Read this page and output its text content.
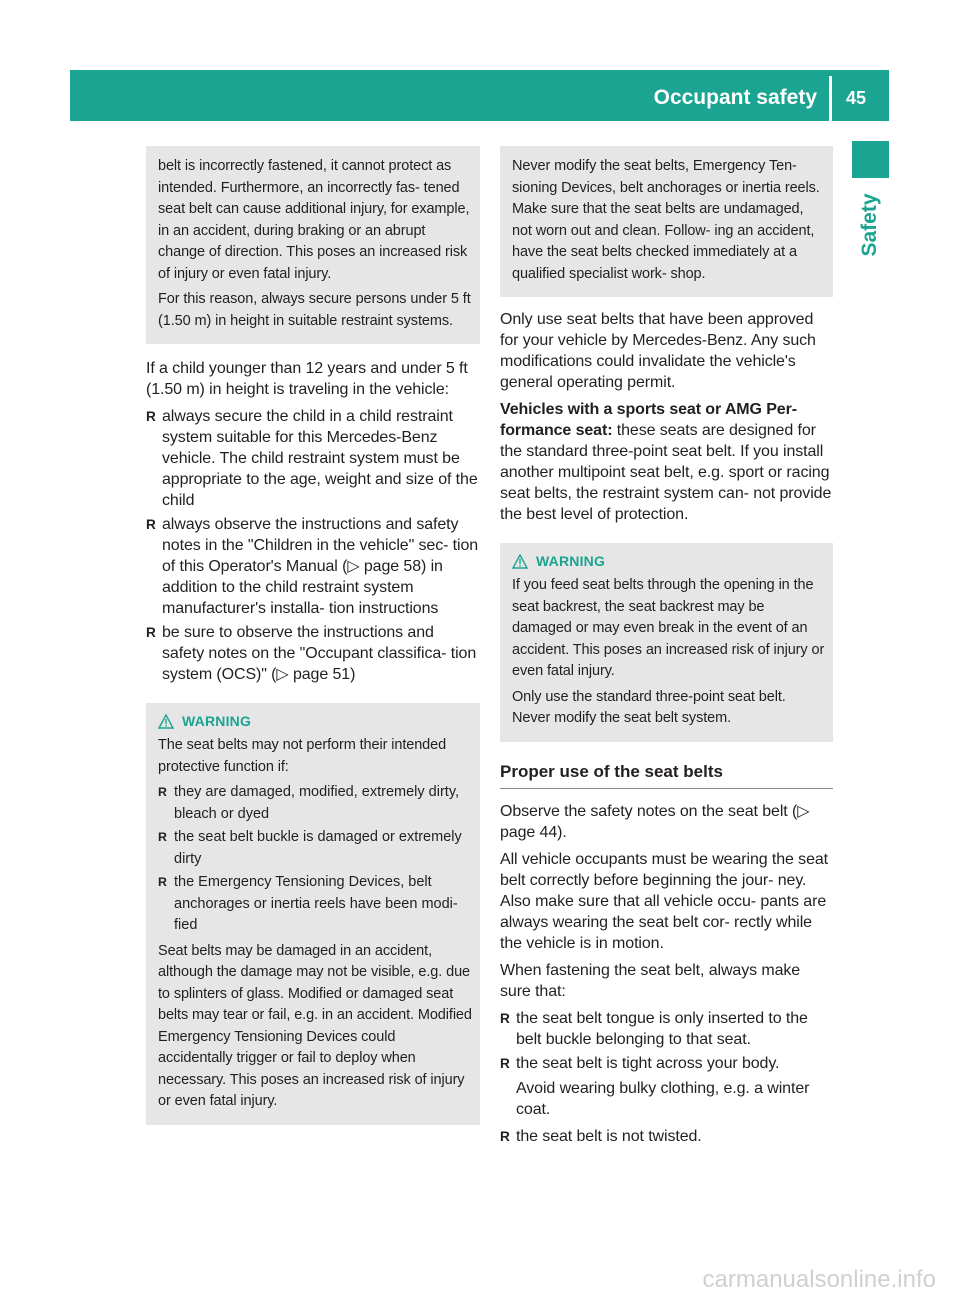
Occupant safety 45
Safety

belt is incorrectly fastened, it cannot protect as intended. Furthermore, an incorrectly fas- tened seat belt can cause additional injury, for example, in an accident, during braking or an abrupt change of direction. This poses an increased risk of injury or even fatal injury.

For this reason, always secure persons under 5 ft (1.50 m) in height in suitable restraint systems.

If a child younger than 12 years and under 5 ft (1.50 m) in height is traveling in the vehicle:

R always secure the child in a child restraint system suitable for this Mercedes-Benz vehicle. The child restraint system must be appropriate to the age, weight and size of the child
R always observe the instructions and safety notes in the "Children in the vehicle" sec- tion of this Operator's Manual (▷ page 58) in addition to the child restraint system manufacturer's installa- tion instructions
R be sure to observe the instructions and safety notes on the "Occupant classifica- tion system (OCS)" (▷ page 51)
WARNING

The seat belts may not perform their intended protective function if:

R they are damaged, modified, extremely dirty, bleach or dyed
R the seat belt buckle is damaged or extremely dirty
R the Emergency Tensioning Devices, belt anchorages or inertia reels have been modi- fied

Seat belts may be damaged in an accident, although the damage may not be visible, e.g. due to splinters of glass. Modified or damaged seat belts may tear or fail, e.g. in an accident. Modified Emergency Tensioning Devices could accidentally trigger or fail to deploy when necessary. This poses an increased risk of injury or even fatal injury.

Never modify the seat belts, Emergency Ten- sioning Devices, belt anchorages or inertia reels. Make sure that the seat belts are undamaged, not worn out and clean. Follow- ing an accident, have the seat belts checked immediately at a qualified specialist work- shop.

Only use seat belts that have been approved for your vehicle by Mercedes-Benz. Any such modifications could invalidate the vehicle's general operating permit.

Vehicles with a sports seat or AMG Per- formance seat: these seats are designed for the standard three-point seat belt. If you install another multipoint seat belt, e.g. sport or racing seat belts, the restraint system can- not provide the best level of protection.

WARNING

If you feed seat belts through the opening in the seat backrest, the seat backrest may be damaged or may even break in the event of an accident. This poses an increased risk of injury or even fatal injury.

Only use the standard three-point seat belt. Never modify the seat belt system.

Proper use of the seat belts

Observe the safety notes on the seat belt (▷ page 44).

All vehicle occupants must be wearing the seat belt correctly before beginning the jour- ney. Also make sure that all vehicle occu- pants are always wearing the seat belt cor- rectly while the vehicle is in motion.

When fastening the seat belt, always make sure that:

R the seat belt tongue is only inserted to the belt buckle belonging to that seat.
R the seat belt is tight across your body.

Avoid wearing bulky clothing, e.g. a winter coat.

R the seat belt is not twisted.
carmanualsonline.info
